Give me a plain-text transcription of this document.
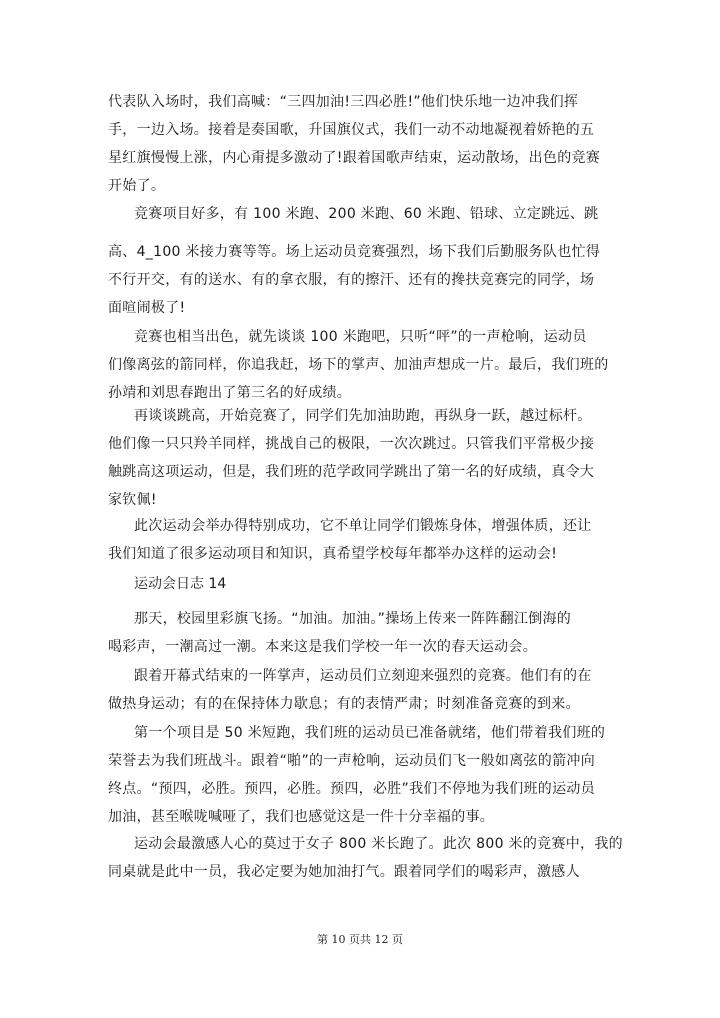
代表队入场时，我们高喊：“三四加油!三四必胜!”他们快乐地一边冲我们挥
手，一边入场。接着是奏国歌，升国旗仪式，我们一动不动地凝视着娇艳的五
星红旗慢慢上涨，内心甭提多激动了!跟着国歌声结束，运动散场，出色的竞赛
开始了。
竞赛项目好多，有 100 米跑、200 米跑、60 米跑、铅球、立定跳远、跳
高、4_100 米接力赛等等。场上运动员竞赛强烈，场下我们后勤服务队也忙得
不行开交，有的送水、有的拿衣服，有的擦汗、还有的搀扶竞赛完的同学，场
面喧闹极了!
竞赛也相当出色，就先谈谈 100 米跑吧，只听“呯”的一声枪响，运动员
们像离弦的箭同样，你追我赶，场下的掌声、加油声想成一片。最后，我们班的
孙靖和刘思春跑出了第三名的好成绩。
再谈谈跳高，开始竞赛了，同学们先加油助跑，再纵身一跃，越过标杆。
他们像一只只羚羊同样，挑战自己的极限，一次次跳过。只管我们平常极少接
触跳高这项运动，但是，我们班的范学政同学跳出了第一名的好成绩，真令大
家钦佩!
此次运动会举办得特别成功，它不单让同学们锻炼身体，增强体质，还让
我们知道了很多运动项目和知识，真希望学校每年都举办这样的运动会!
运动会日志 14
那天，校园里彩旗飞扬。“加油。加油。”操场上传来一阵阵翻江倒海的
喝彩声，一潮高过一潮。本来这是我们学校一年一次的春天运动会。
跟着开幕式结束的一阵掌声，运动员们立刻迎来强烈的竞赛。他们有的在
做热身运动；有的在保持体力歇息；有的表情严肃；时刻准备竞赛的到来。
第一个项目是 50 米短跑，我们班的运动员已准备就绪，他们带着我们班的
荣誉去为我们班战斗。跟着“啪”的一声枪响，运动员们飞一般如离弦的箭冲向
终点。“预四，必胜。预四，必胜。预四，必胜”我们不停地为我们班的运动员
加油，甚至喉咙喊哑了，我们也感觉这是一件十分幸福的事。
运动会最激感人心的莫过于女子 800 米长跑了。此次 800 米的竞赛中，我的
同桌就是此中一员，我必定要为她加油打气。跟着同学们的喝彩声，激感人
第 10 页共 12 页
